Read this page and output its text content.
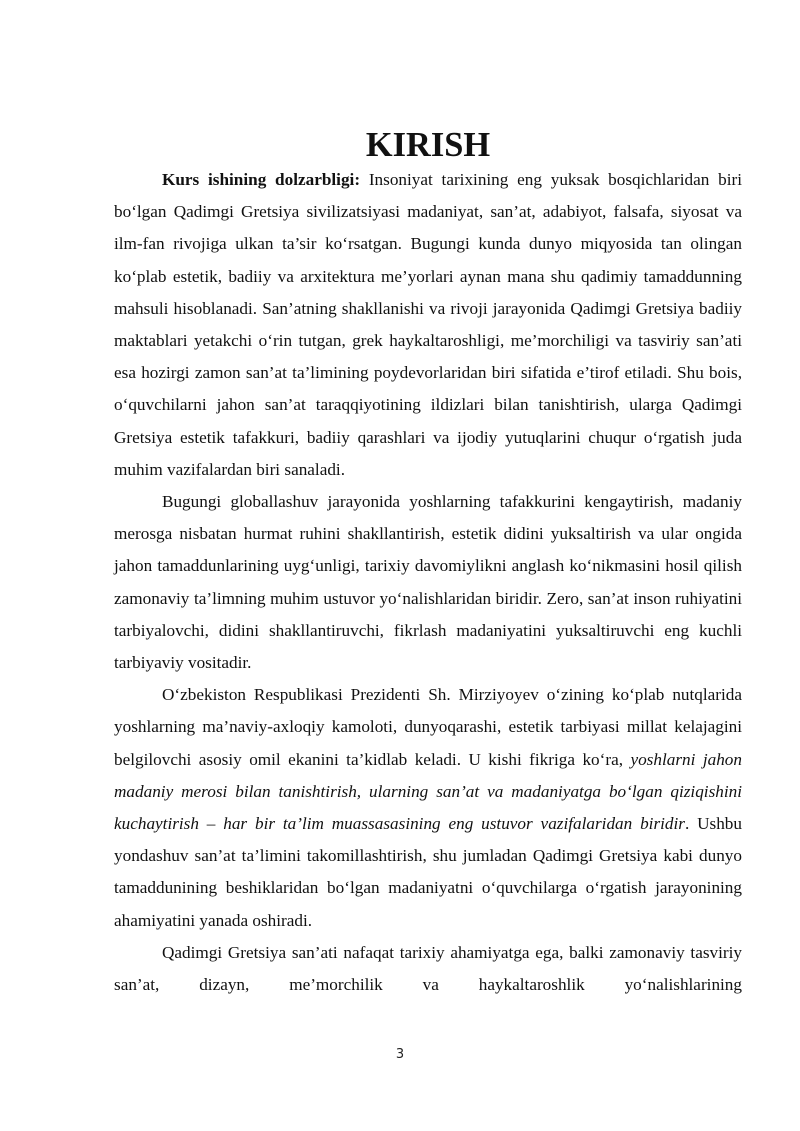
KIRISH

Kurs ishining dolzarbligi: Insoniyat tarixining eng yuksak bosqichlaridan biri bo‘lgan Qadimgi Gretsiya sivilizatsiyasi madaniyat, san’at, adabiyot, falsafa, siyosat va ilm-fan rivojiga ulkan ta’sir ko‘rsatgan. Bugungi kunda dunyo miqyosida tan olingan ko‘plab estetik, badiiy va arxitektura me’yorlari aynan mana shu qadimiy tamaddunning mahsuli hisoblanadi. San’atning shakllanishi va rivoji jarayonida Qadimgi Gretsiya badiiy maktablari yetakchi o‘rin tutgan, grek haykaltaroshligi, me’morchiligi va tasviriy san’ati esa hozirgi zamon san’at ta’limining poydevorlaridan biri sifatida e’tirof etiladi. Shu bois, o‘quvchilarni jahon san’at taraqqiyotining ildizlari bilan tanishtirish, ularga Qadimgi Gretsiya estetik tafakkuri, badiiy qarashlari va ijodiy yutuqlarini chuqur o‘rgatish juda muhim vazifalardan biri sanaladi.

Bugungi globallashuv jarayonida yoshlarning tafakkurini kengaytirish, madaniy merosga nisbatan hurmat ruhini shakllantirish, estetik didini yuksaltirish va ular ongida jahon tamaddunlarining uyg‘unligi, tarixiy davomiylikni anglash ko‘nikmasini hosil qilish zamonaviy ta’limning muhim ustuvor yo‘nalishlaridan biridir. Zero, san’at inson ruhiyatini tarbiyalovchi, didini shakllantiruvchi, fikrlash madaniyatini yuksaltiruvchi eng kuchli tarbiyaviy vositadir.

O‘zbekiston Respublikasi Prezidenti Sh. Mirziyoyev o‘zining ko‘plab nutqlarida yoshlarning ma’naviy-axloqiy kamoloti, dunyoqarashi, estetik tarbiyasi millat kelajagini belgilovchi asosiy omil ekanini ta’kidlab keladi. U kishi fikriga ko‘ra, yoshlarni jahon madaniy merosi bilan tanishtirish, ularning san’at va madaniyatga bo‘lgan qiziqishini kuchaytirish – har bir ta’lim muassasasining eng ustuvor vazifalaridan biridir. Ushbu yondashuv san’at ta’limini takomillashtirish, shu jumladan Qadimgi Gretsiya kabi dunyo tamaddunining beshiklaridan bo‘lgan madaniyatni o‘quvchilarga o‘rgatish jarayonining ahamiyatini yanada oshiradi.

Qadimgi Gretsiya san’ati nafaqat tarixiy ahamiyatga ega, balki zamonaviy tasviriy san’at, dizayn, me’morchilik va haykaltaroshlik yo‘nalishlarining

3
